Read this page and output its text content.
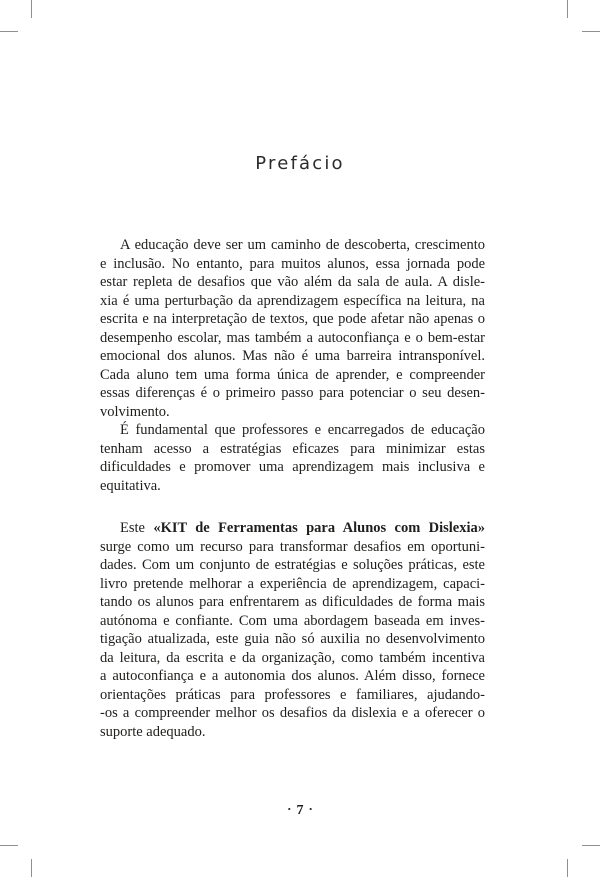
Prefácio
A educação deve ser um caminho de descoberta, crescimento
e inclusão. No entanto, para muitos alunos, essa jornada pode
estar repleta de desafios que vão além da sala de aula. A disle-
xia é uma perturbação da aprendizagem específica na leitura, na
escrita e na interpretação de textos, que pode afetar não apenas o
desempenho escolar, mas também a autoconfiança e o bem-estar
emocional dos alunos. Mas não é uma barreira intransponível.
Cada aluno tem uma forma única de aprender, e compreender
essas diferenças é o primeiro passo para potenciar o seu desen-
volvimento.
É fundamental que professores e encarregados de educação
tenham acesso a estratégias eficazes para minimizar estas
dificuldades e promover uma aprendizagem mais inclusiva e
equitativa.
Este «KIT de Ferramentas para Alunos com Dislexia»
surge como um recurso para transformar desafios em oportuni-
dades. Com um conjunto de estratégias e soluções práticas, este
livro pretende melhorar a experiência de aprendizagem, capaci-
tando os alunos para enfrentarem as dificuldades de forma mais
autónoma e confiante. Com uma abordagem baseada em inves-
tigação atualizada, este guia não só auxilia no desenvolvimento
da leitura, da escrita e da organização, como também incentiva
a autoconfiança e a autonomia dos alunos. Além disso, fornece
orientações práticas para professores e familiares, ajudando-
-os a compreender melhor os desafios da dislexia e a oferecer o
suporte adequado.
· 7 ·
